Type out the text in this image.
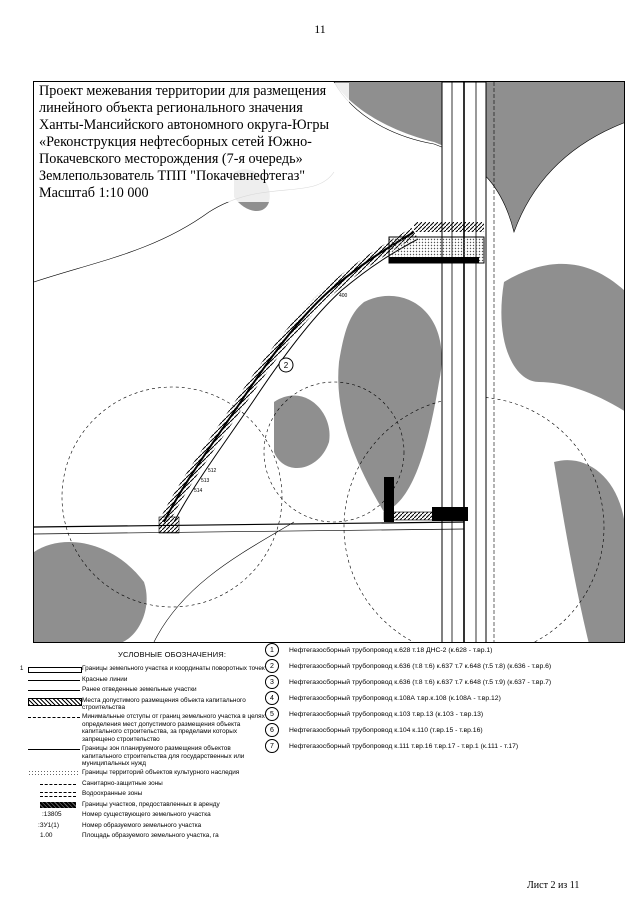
11
400
512
513
514
2
Проект межевания территории для размещения
линейного объекта регионального значения
Ханты-Мансийского автономного округа-Югры
«Реконструкция нефтесборных сетей Южно-
Покачевского месторождения (7-я очередь»
Землепользователь ТПП "Покачевнефтегаз"
Масштаб 1:10 000
УСЛОВНЫЕ ОБОЗНАЧЕНИЯ:
1	Границы земельного участка и координаты поворотных точек
Красные линии
Ранее отведенные земельные участки
Места допустимого размещения объекта капитального строительства
Минимальные отступы от границ земельного участка в целях определения мест допустимого размещения объекта капитального строительства, за пределами которых запрещено строительство
Границы зон планируемого размещения объектов капитального строительства для государственных или муниципальных нужд
Границы территорий объектов культурного наследия
Санитарно-защитные зоны
Водоохранные зоны
Границы участков, предоставленных в аренду
:13805	Номер существующего земельного участка
:ЗУ1(1)	Номер образуемого земельного участка
1.00	Площадь образуемого земельного участка, га
1	Нефтегазосборный трубопровод к.628 т.18 ДНС-2 (к.628 - т.вр.1)
2	Нефтегазосборный трубопровод к.636 (т.8 т.6) к.637 т.7 к.648 (т.5 т.8) (к.636 - т.вр.6)
3	Нефтегазосборный трубопровод к.636 (т.8 т.6) к.637 т.7 к.648 (т.5 т.9) (к.637 - т.вр.7)
4	Нефтегазосборный трубопровод к.108А т.вр.к.108 (к.108А - т.вр.12)
5	Нефтегазосборный трубопровод к.103 т.вр.13 (к.103 - т.вр.13)
6	Нефтегазосборный трубопровод к.104 к.110 (т.вр.15 - т.вр.16)
7	Нефтегазосборный трубопровод к.111 т.вр.16 т.вр.17 - т.вр.1 (к.111 - т.17)
Лист 2 из 11
